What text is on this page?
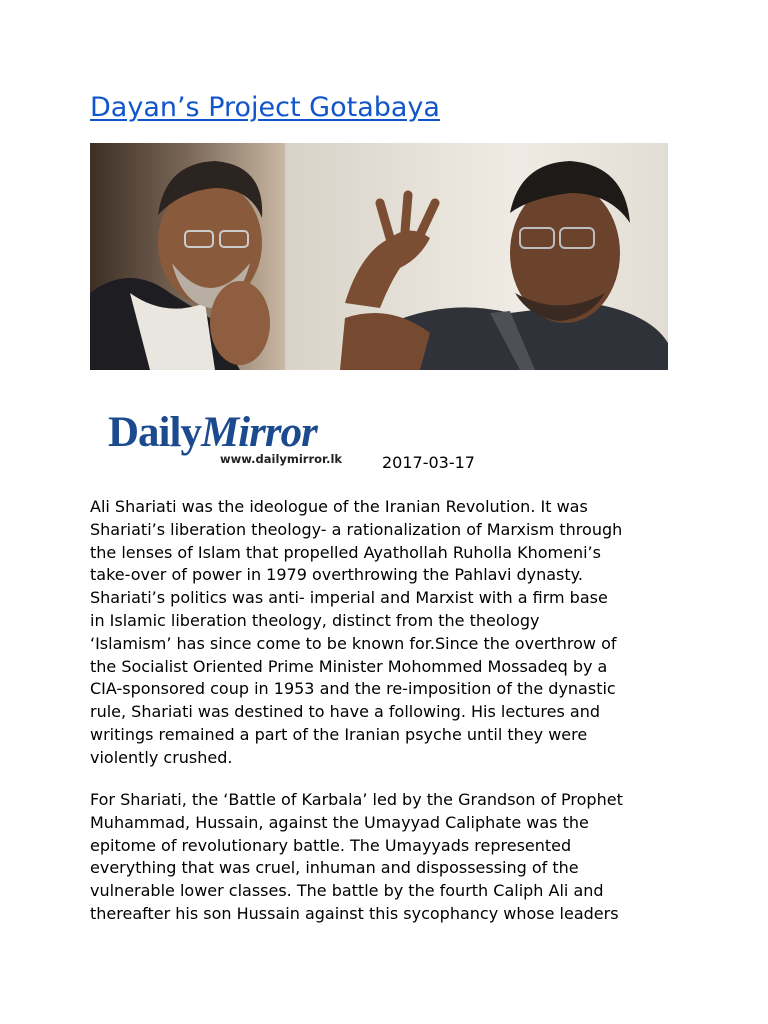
Dayan’s Project Gotabaya
DailyMirror
www.dailymirror.lk 2017-03-17
Ali Shariati was the ideologue of the Iranian Revolution. It was
Shariati’s liberation theology- a rationalization of Marxism through
the lenses of Islam that propelled Ayathollah Ruholla Khomeni’s
take-over of power in 1979 overthrowing the Pahlavi dynasty.
Shariati’s politics was anti- imperial and Marxist with a firm base
in Islamic liberation theology, distinct from the theology
‘Islamism’ has since come to be known for.Since the overthrow of
the Socialist Oriented Prime Minister Mohommed Mossadeq by a
CIA-sponsored coup in 1953 and the re-imposition of the dynastic
rule, Shariati was destined to have a following. His lectures and
writings remained a part of the Iranian psyche until they were
violently crushed.
For Shariati, the ‘Battle of Karbala’ led by the Grandson of Prophet
Muhammad, Hussain, against the Umayyad Caliphate was the
epitome of revolutionary battle. The Umayyads represented
everything that was cruel, inhuman and dispossessing of the
vulnerable lower classes. The battle by the fourth Caliph Ali and
thereafter his son Hussain against this sycophancy whose leaders
